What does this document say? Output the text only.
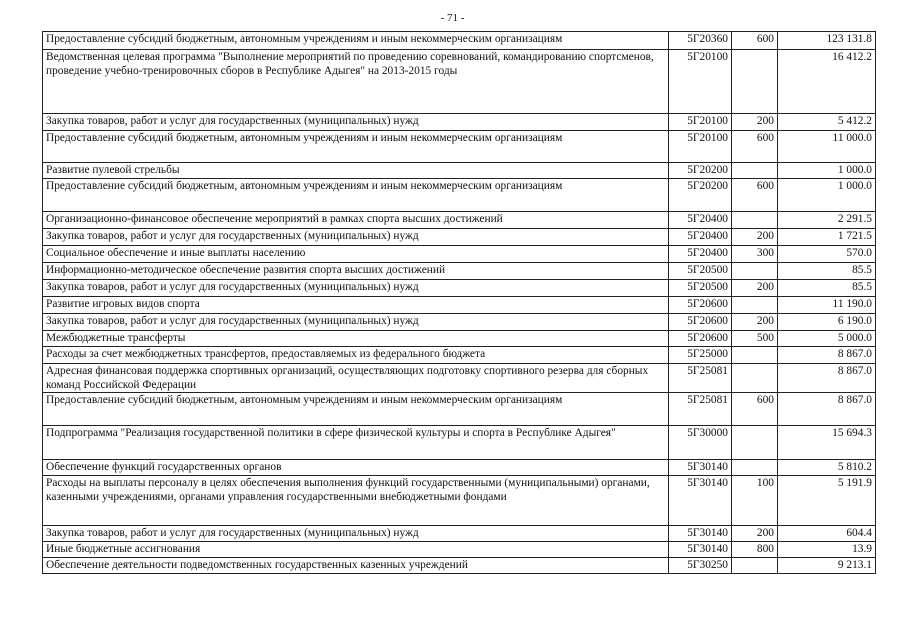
- 71 -
Предоставление субсидий бюджетным, автономным учреждениям и иным некоммерческим организациям	5Г20360	600	123 131.8
Ведомственная целевая программа "Выполнение мероприятий по проведению соревнований, командированию спортсменов, проведение учебно-тренировочных сборов в Республике Адыгея" на 2013-2015 годы	5Г20100		16 412.2
Закупка товаров, работ и услуг для государственных (муниципальных) нужд	5Г20100	200	5 412.2
Предоставление субсидий бюджетным, автономным учреждениям и иным некоммерческим организациям	5Г20100	600	11 000.0
Развитие пулевой стрельбы	5Г20200		1 000.0
Предоставление субсидий бюджетным, автономным учреждениям и иным некоммерческим организациям	5Г20200	600	1 000.0
Организационно-финансовое обеспечение мероприятий в рамках спорта высших достижений	5Г20400		2 291.5
Закупка товаров, работ и услуг для государственных (муниципальных) нужд	5Г20400	200	1 721.5
Социальное обеспечение и иные выплаты населению	5Г20400	300	570.0
Информационно-методическое обеспечение развития спорта высших достижений	5Г20500		85.5
Закупка товаров, работ и услуг для государственных (муниципальных) нужд	5Г20500	200	85.5
Развитие игровых видов спорта	5Г20600		11 190.0
Закупка товаров, работ и услуг для государственных (муниципальных) нужд	5Г20600	200	6 190.0
Межбюджетные трансферты	5Г20600	500	5 000.0
Расходы за счет межбюджетных трансфертов, предоставляемых из федерального бюджета	5Г25000		8 867.0
Адресная финансовая поддержка спортивных организаций, осуществляющих подготовку спортивного резерва для сборных команд Российской Федерации	5Г25081		8 867.0
Предоставление субсидий бюджетным, автономным учреждениям и иным некоммерческим организациям	5Г25081	600	8 867.0
Подпрограмма "Реализация государственной политики в сфере физической культуры и спорта в Республике Адыгея"	5Г30000		15 694.3
Обеспечение функций государственных органов	5Г30140		5 810.2
Расходы на выплаты персоналу в целях обеспечения выполнения функций государственными (муниципальными) органами, казенными учреждениями, органами управления государственными внебюджетными фондами	5Г30140	100	5 191.9
Закупка товаров, работ и услуг для государственных (муниципальных) нужд	5Г30140	200	604.4
Иные бюджетные ассигнования	5Г30140	800	13.9
Обеспечение деятельности подведомственных государственных казенных учреждений	5Г30250		9 213.1
